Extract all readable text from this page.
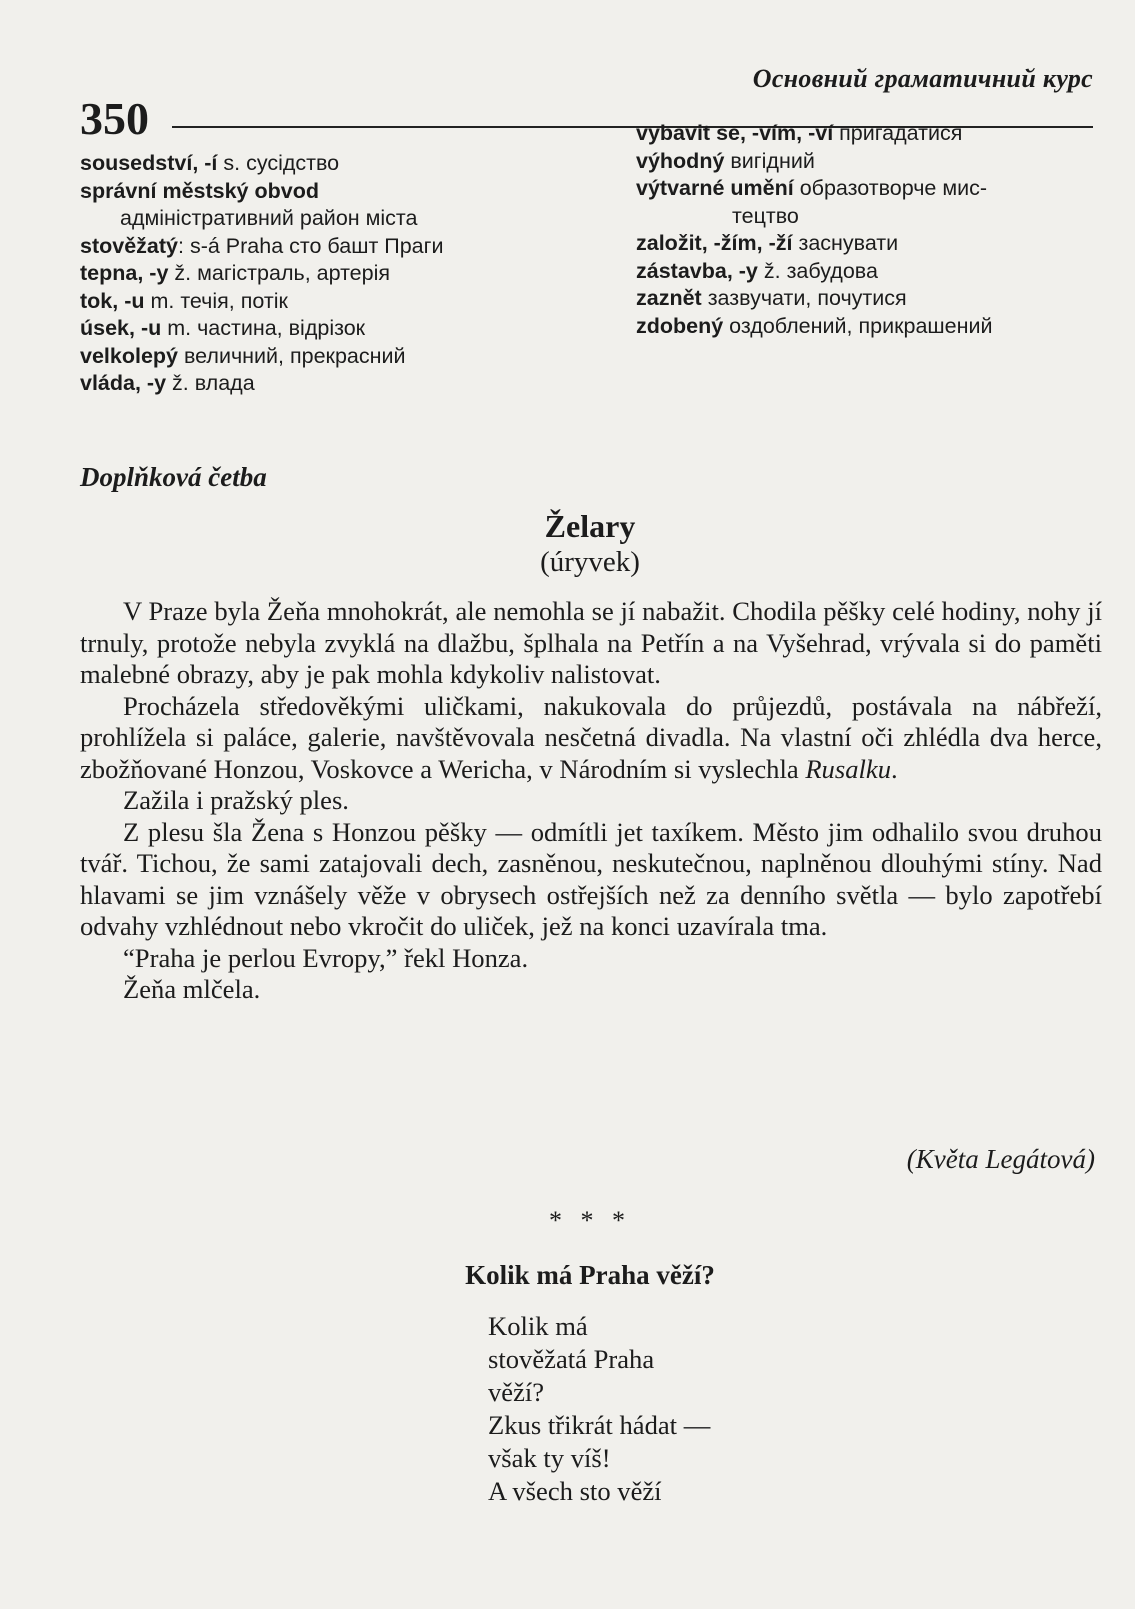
Основний граматичний курс
350
sousedství, -í s. сусідство
správní městský obvod
адміністративний район міста
stověžatý: s-á Praha сто башт Праги
tepna, -y ž. магістраль, артерія
tok, -u m. течія, потік
úsek, -u m. частина, відрізок
velkolepý величний, прекрасний
vláda, -y ž. влада
vybavit se, -vím, -ví пригадатися
výhodný вигідний
výtvarné umění образотворче мис-
тецтво
založit, -žím, -ží заснувати
zástavba, -y ž. забудова
zaznět зазвучати, почутися
zdobený оздоблений, прикрашений
Doplňková četba
Želary
(úryvek)

V Praze byla Žeňa mnohokrát, ale nemohla se jí nabažit. Chodila pěšky celé hodiny, nohy jí trnuly, protože nebyla zvyklá na dlažbu, šplhala na Petřín a na Vyšehrad, vrývala si do paměti malebné obrazy, aby je pak mohla kdykoliv nalistovat.

Procházela středověkými uličkami, nakukovala do průjezdů, postávala na nábřeží, prohlížela si paláce, galerie, navštěvovala nesčetná divadla. Na vlastní oči zhlédla dva herce, zbožňované Honzou, Voskovce a Wericha, v Národním si vyslechla Rusalku.

Zažila i pražský ples.

Z plesu šla Žena s Honzou pěšky — odmítli jet taxíkem. Město jim odhalilo svou druhou tvář. Tichou, že sami zatajovali dech, zasněnou, neskutečnou, naplněnou dlouhými stíny. Nad hlavami se jim vznášely věže v obrysech ostřejších než za denního světla — bylo zapotřebí odvahy vzhlédnout nebo vkročit do uliček, jež na konci uzavírala tma.

“Praha je perlou Evropy,” řekl Honza.

Žeňa mlčela.

(Květa Legátová)
* * *
Kolik má Praha věží?
Kolik má
stověžatá Praha
věží?
Zkus třikrát hádat —
však ty víš!
A všech sto věží
